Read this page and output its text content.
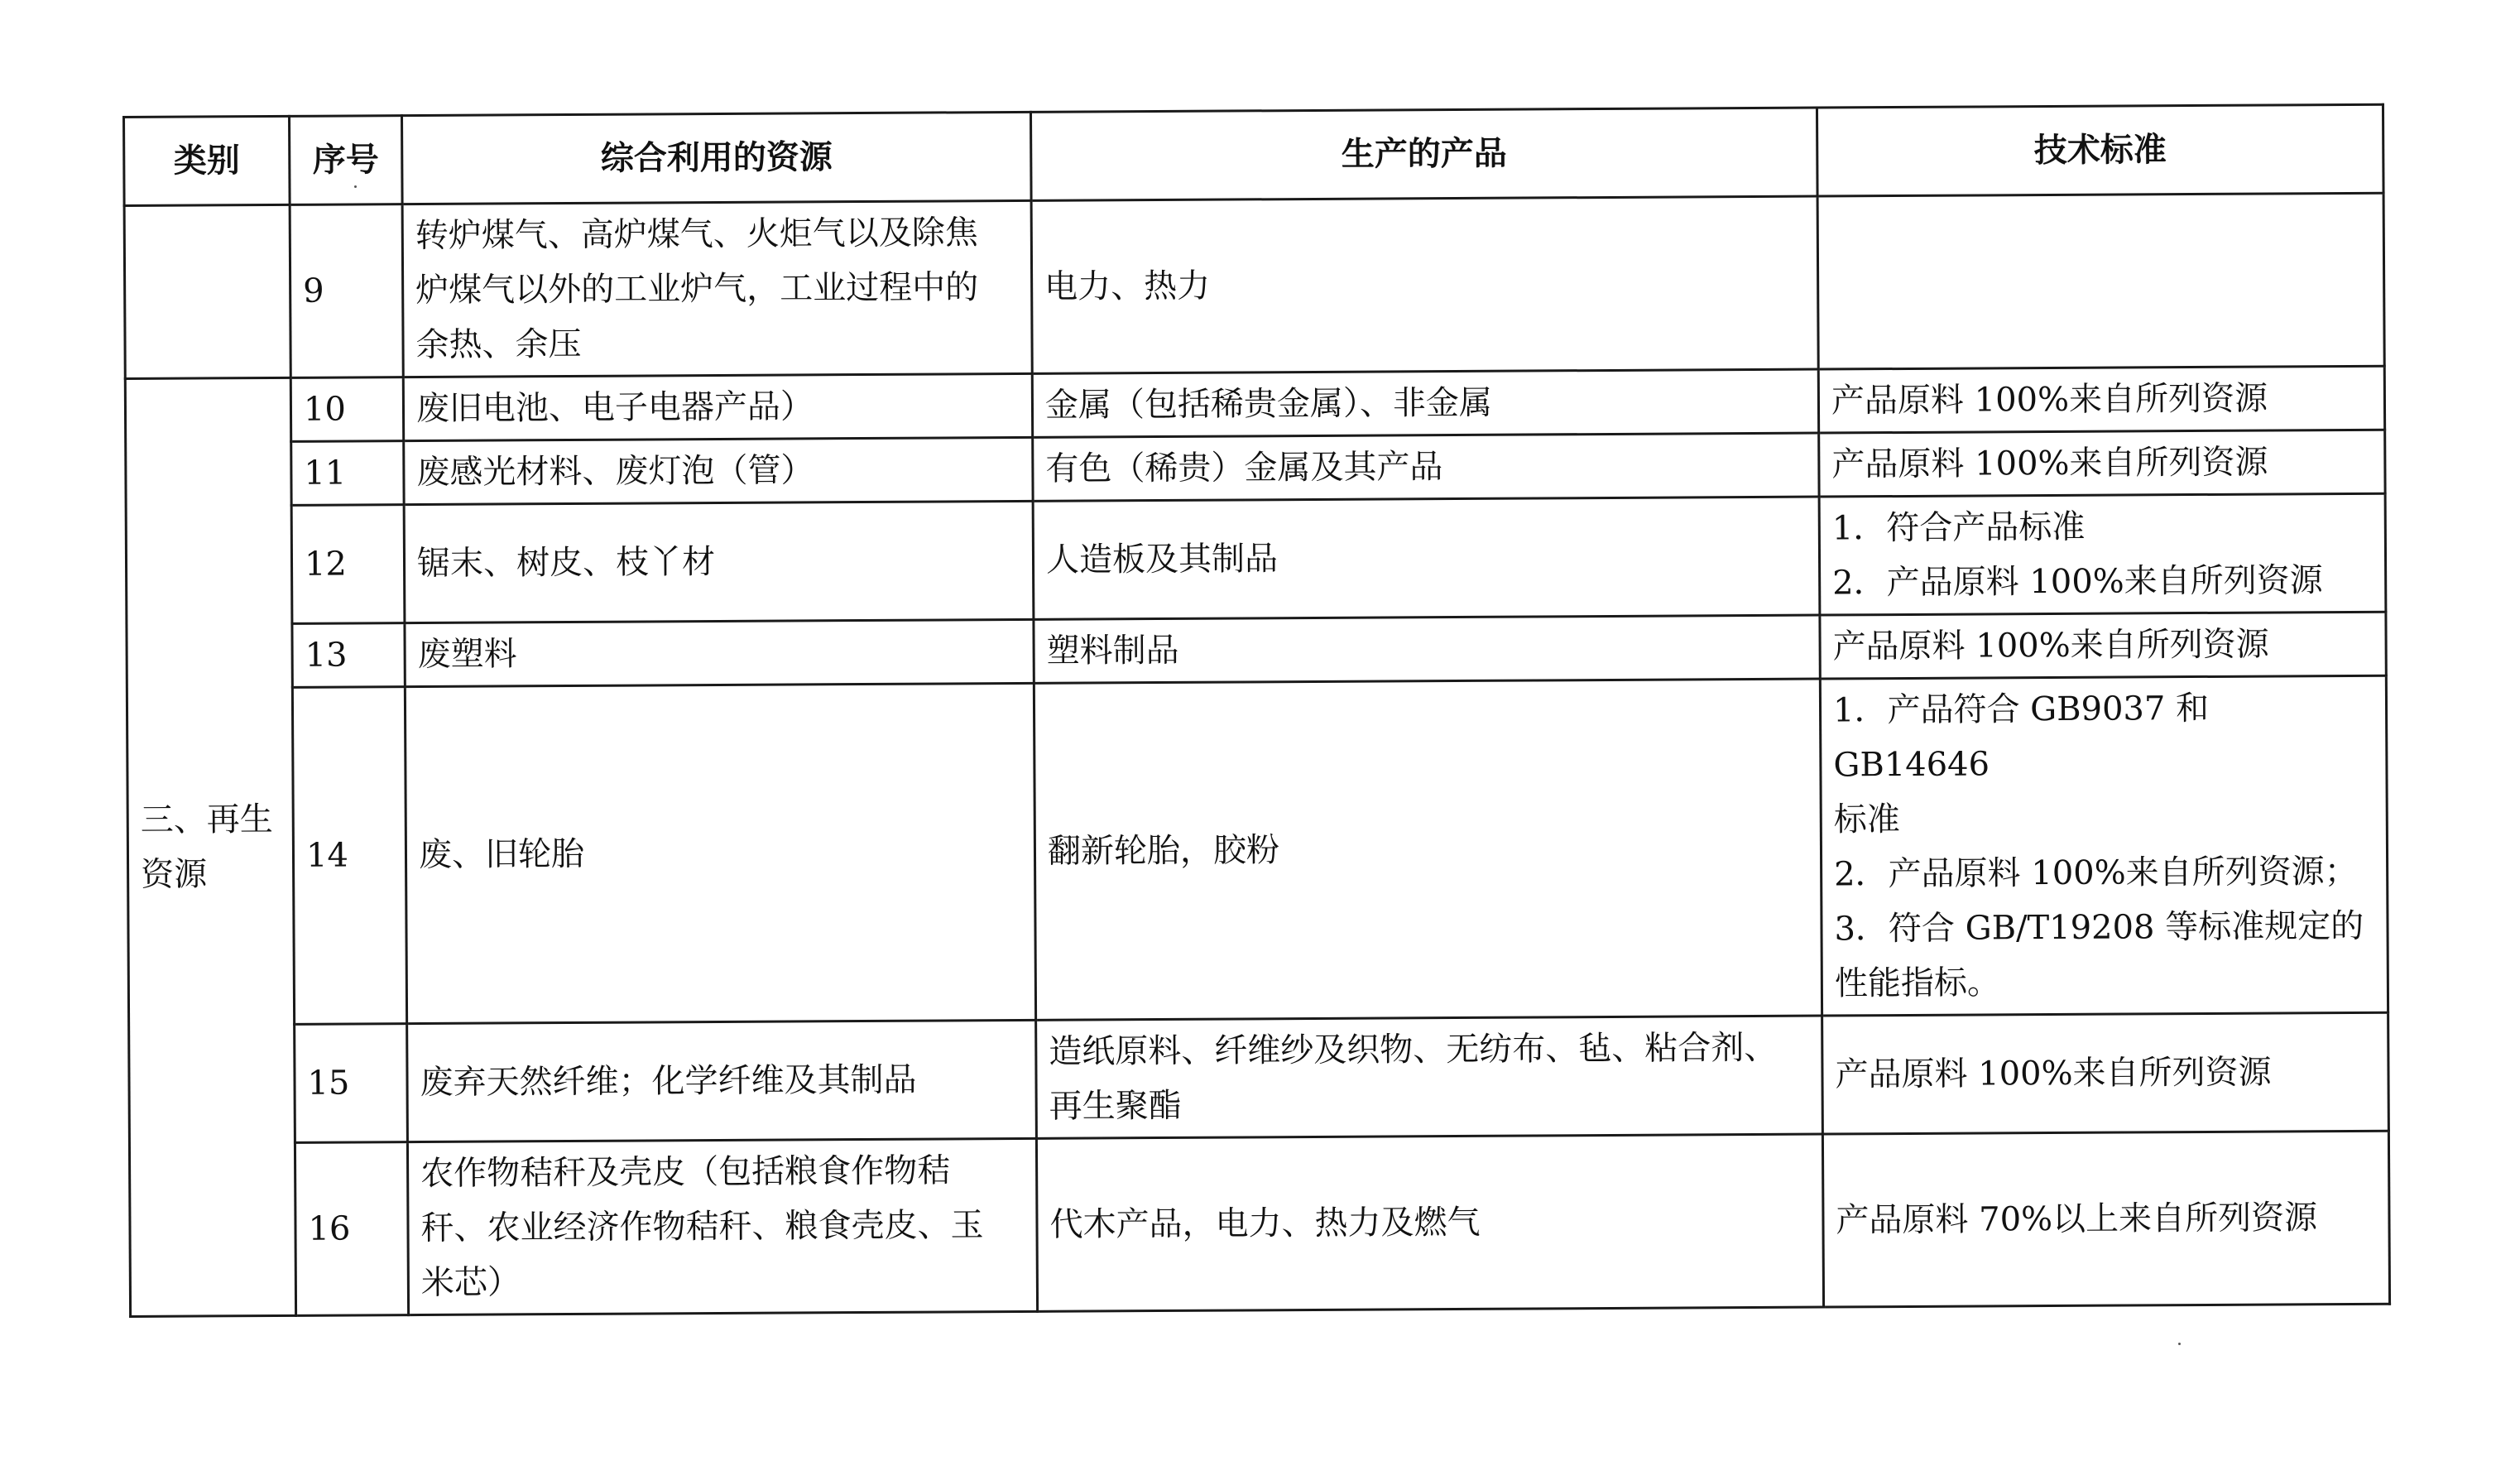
类别	序号	综合利用的资源	生产的产品	技术标准
	9	转炉煤气、高炉煤气、火炬气以及除焦
炉煤气以外的工业炉气，工业过程中的
余热、余压	电力、热力	

三、再生
资源	10	废旧电池、电子电器产品）	金属（包括稀贵金属）、非金属	产品原料 100%来自所列资源

	11	废感光材料、废灯泡（管）	有色（稀贵）金属及其产品	产品原料 100%来自所列资源

	12	锯末、树皮、枝丫材	人造板及其制品	1．符合产品标准
2．产品原料 100%来自所列资源

	13	废塑料	塑料制品	产品原料 100%来自所列资源

	14	废、旧轮胎	翻新轮胎，胶粉	1．产品符合 GB9037 和 GB14646
标准
2．产品原料 100%来自所列资源；
3．符合 GB/T19208 等标准规定的
性能指标。

	15	废弃天然纤维；化学纤维及其制品	造纸原料、纤维纱及织物、无纺布、毡、粘合剂、
再生聚酯	产品原料 100%来自所列资源

	16	农作物秸秆及壳皮（包括粮食作物秸
秆、农业经济作物秸秆、粮食壳皮、玉
米芯）	代木产品，电力、热力及燃气	产品原料 70%以上来自所列资源
